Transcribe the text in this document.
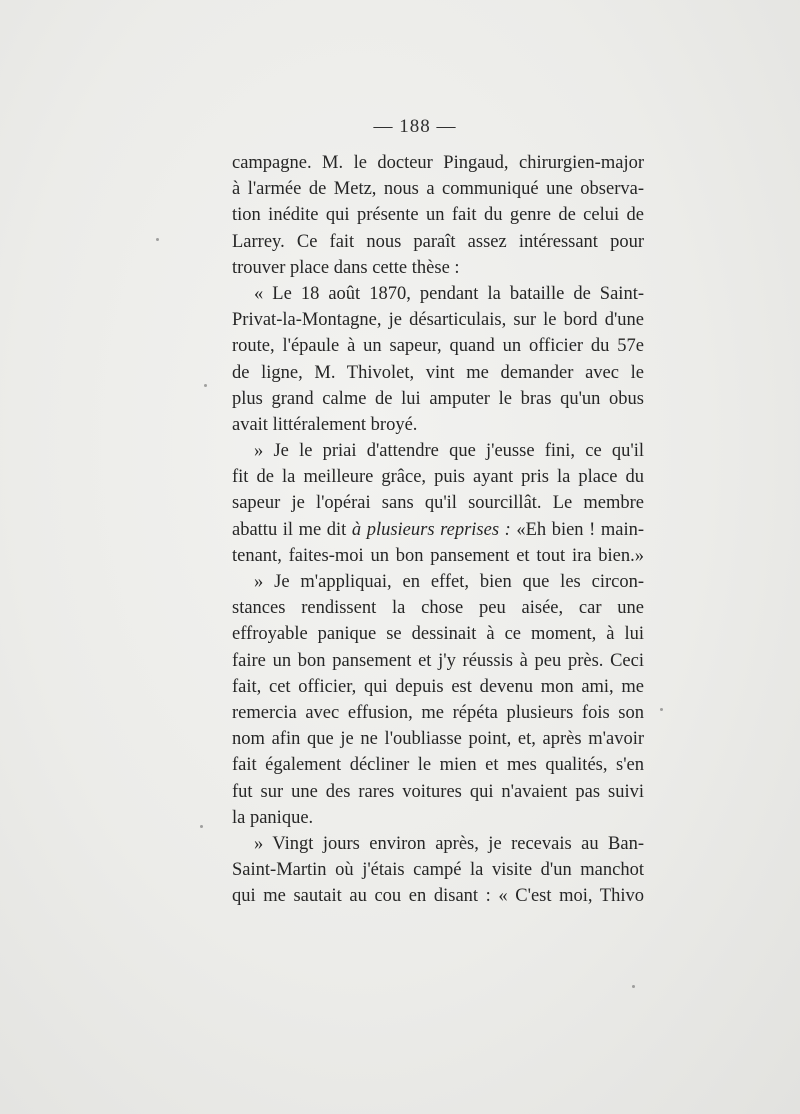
— 188 —
campagne. M. le docteur Pingaud, chirurgien-major
à l'armée de Metz, nous a communiqué une observa-
tion inédite qui présente un fait du genre de celui de
Larrey. Ce fait nous paraît assez intéressant pour
trouver place dans cette thèse :
« Le 18 août 1870, pendant la bataille de Saint-
Privat-la-Montagne, je désarticulais, sur le bord d'une
route, l'épaule à un sapeur, quand un officier du 57e
de ligne, M. Thivolet, vint me demander avec le
plus grand calme de lui amputer le bras qu'un obus
avait littéralement broyé.
» Je le priai d'attendre que j'eusse fini, ce qu'il
fit de la meilleure grâce, puis ayant pris la place du
sapeur je l'opérai sans qu'il sourcillât. Le membre
abattu il me dit à plusieurs reprises : «Eh bien ! main-
tenant, faites-moi un bon pansement et tout ira bien.»
» Je m'appliquai, en effet, bien que les circon-
stances rendissent la chose peu aisée, car une
effroyable panique se dessinait à ce moment, à lui
faire un bon pansement et j'y réussis à peu près. Ceci
fait, cet officier, qui depuis est devenu mon ami, me
remercia avec effusion, me répéta plusieurs fois son
nom afin que je ne l'oubliasse point, et, après m'avoir
fait également décliner le mien et mes qualités, s'en
fut sur une des rares voitures qui n'avaient pas suivi
la panique.
» Vingt jours environ après, je recevais au Ban-
Saint-Martin où j'étais campé la visite d'un manchot
qui me sautait au cou en disant : « C'est moi, Thivo
